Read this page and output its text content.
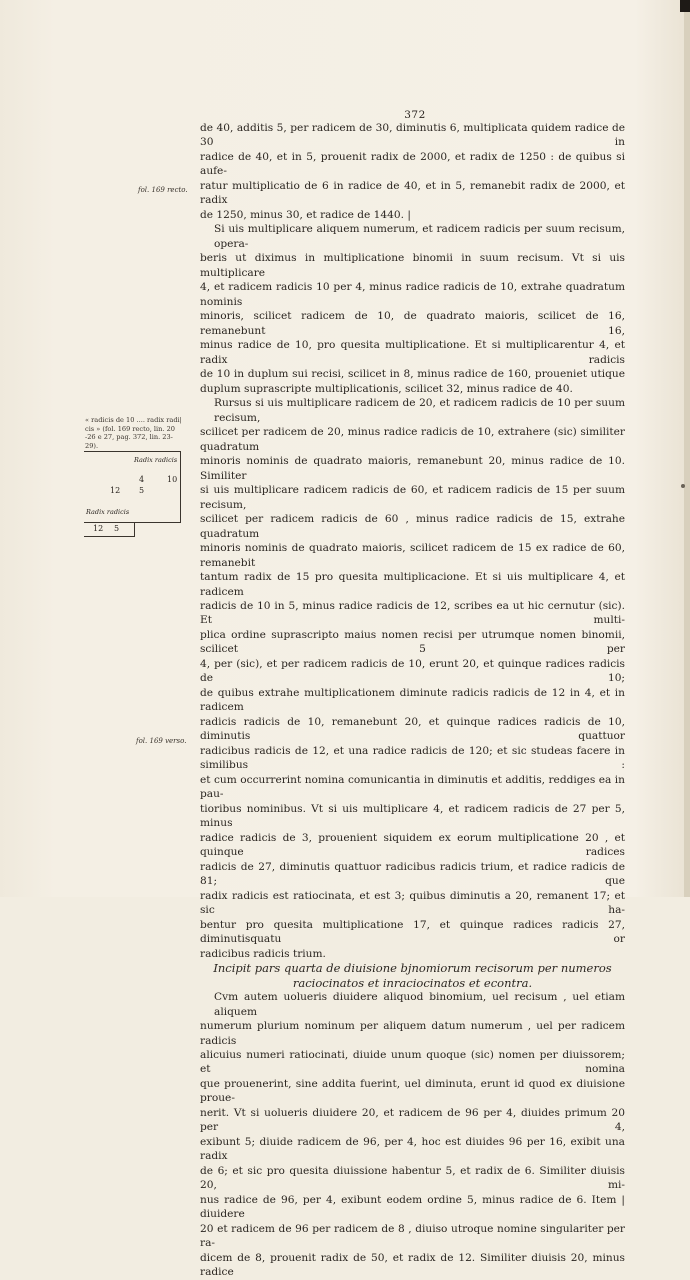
372
fol. 169 recto.
fol. 169 verso.

« radicis de 10 .... radix radi|

cis » (fol. 169 recto, lin. 20

-26 e 27, pag. 372, lin. 23-29).

Radix radicis
4	10
12 5
Radix radicis
12 5

de 40, additis 5, per radicem de 30, diminutis 6, multiplicata quidem radice de 30 in

radice de 40, et in 5, prouenit radix de 2000, et radix de 1250 : de quibus si aufe-

ratur multiplicatio de 6 in radice de 40, et in 5, remanebit radix de 2000, et radix

de 1250, minus 30, et radice de 1440. |

Si uis multiplicare aliquem numerum, et radicem radicis per suum recisum, opera-

beris ut diximus in multiplicatione binomii in suum recisum. Vt si uis multiplicare

4, et radicem radicis 10 per 4, minus radice radicis de 10, extrahe quadratum nominis

minoris, scilicet radicem de 10, de quadrato maioris, scilicet de 16, remanebunt 16,

minus radice de 10, pro quesita multiplicatione. Et si multiplicarentur 4, et radix radicis

de 10 in duplum sui recisi, scilicet in 8, minus radice de 160, proueniet utique

duplum suprascripte multiplicationis, scilicet 32, minus radice de 40.

Rursus si uis multiplicare radicem de 20, et radicem radicis de 10 per suum recisum,

scilicet per radicem de 20, minus radice radicis de 10, extrahere (sic) similiter quadratum

minoris nominis de quadrato maioris, remanebunt 20, minus radice de 10. Similiter

si uis multiplicare radicem radicis de 60, et radicem radicis de 15 per suum recisum,

scilicet per radicem radicis de 60 , minus radice radicis de 15, extrahe quadratum

minoris nominis de quadrato maioris, scilicet radicem de 15 ex radice de 60, remanebit

tantum radix de 15 pro quesita multiplicacione. Et si uis multiplicare 4, et radicem

radicis de 10 in 5, minus radice radicis de 12, scribes ea ut hic cernutur (sic). Et multi-

plica ordine suprascripto maius nomen recisi per utrumque nomen binomii, scilicet 5 per

4, per (sic), et per radicem radicis de 10, erunt 20, et quinque radices radicis de 10;

de quibus extrahe multiplicationem diminute radicis radicis de 12 in 4, et in radicem

radicis radicis de 10, remanebunt 20, et quinque radices radicis de 10, diminutis quattuor

radicibus radicis de 12, et una radice radicis de 120; et sic studeas facere in similibus :

et cum occurrerint nomina comunicantia in diminutis et additis, reddiges ea in pau-

tioribus nominibus. Vt si uis multiplicare 4, et radicem radicis de 27 per 5, minus

radice radicis de 3, prouenient siquidem ex eorum multiplicatione 20 , et quinque radices

radicis de 27, diminutis quattuor radicibus radicis trium, et radice radicis de 81; que

radix radicis est ratiocinata, et est 3; quibus diminutis a 20, remanent 17; et sic ha-

bentur pro quesita multiplicatione 17, et quinque radices radicis 27, diminutisquatu or

radicibus radicis trium.

Incipit pars quarta de diuisione bjnomiorum recisorum per numeros

raciocinatos et inraciocinatos et econtra.

Cvm autem uolueris diuidere aliquod binomium, uel recisum , uel etiam aliquem

numerum plurium nominum per aliquem datum numerum , uel per radicem radicis

alicuius numeri ratiocinati, diuide unum quoque (sic) nomen per diuissorem; et nomina

que prouenerint, sine addita fuerint, uel diminuta, erunt id quod ex diuisione proue-

nerit. Vt si uolueris diuidere 20, et radicem de 96 per 4, diuides primum 20 per 4,

exibunt 5; diuide radicem de 96, per 4, hoc est diuides 96 per 16, exibit una radix

de 6; et sic pro quesita diuissione habentur 5, et radix de 6. Similiter diuisis 20, mi-

nus radice de 96, per 4, exibunt eodem ordine 5, minus radice de 6. Item | diuidere

20 et radicem de 96 per radicem de 8 , diuiso utroque nomine singulariter per ra-

dicem de 8, prouenit radix de 50, et radix de 12. Similiter diuisis 20, minus radice
